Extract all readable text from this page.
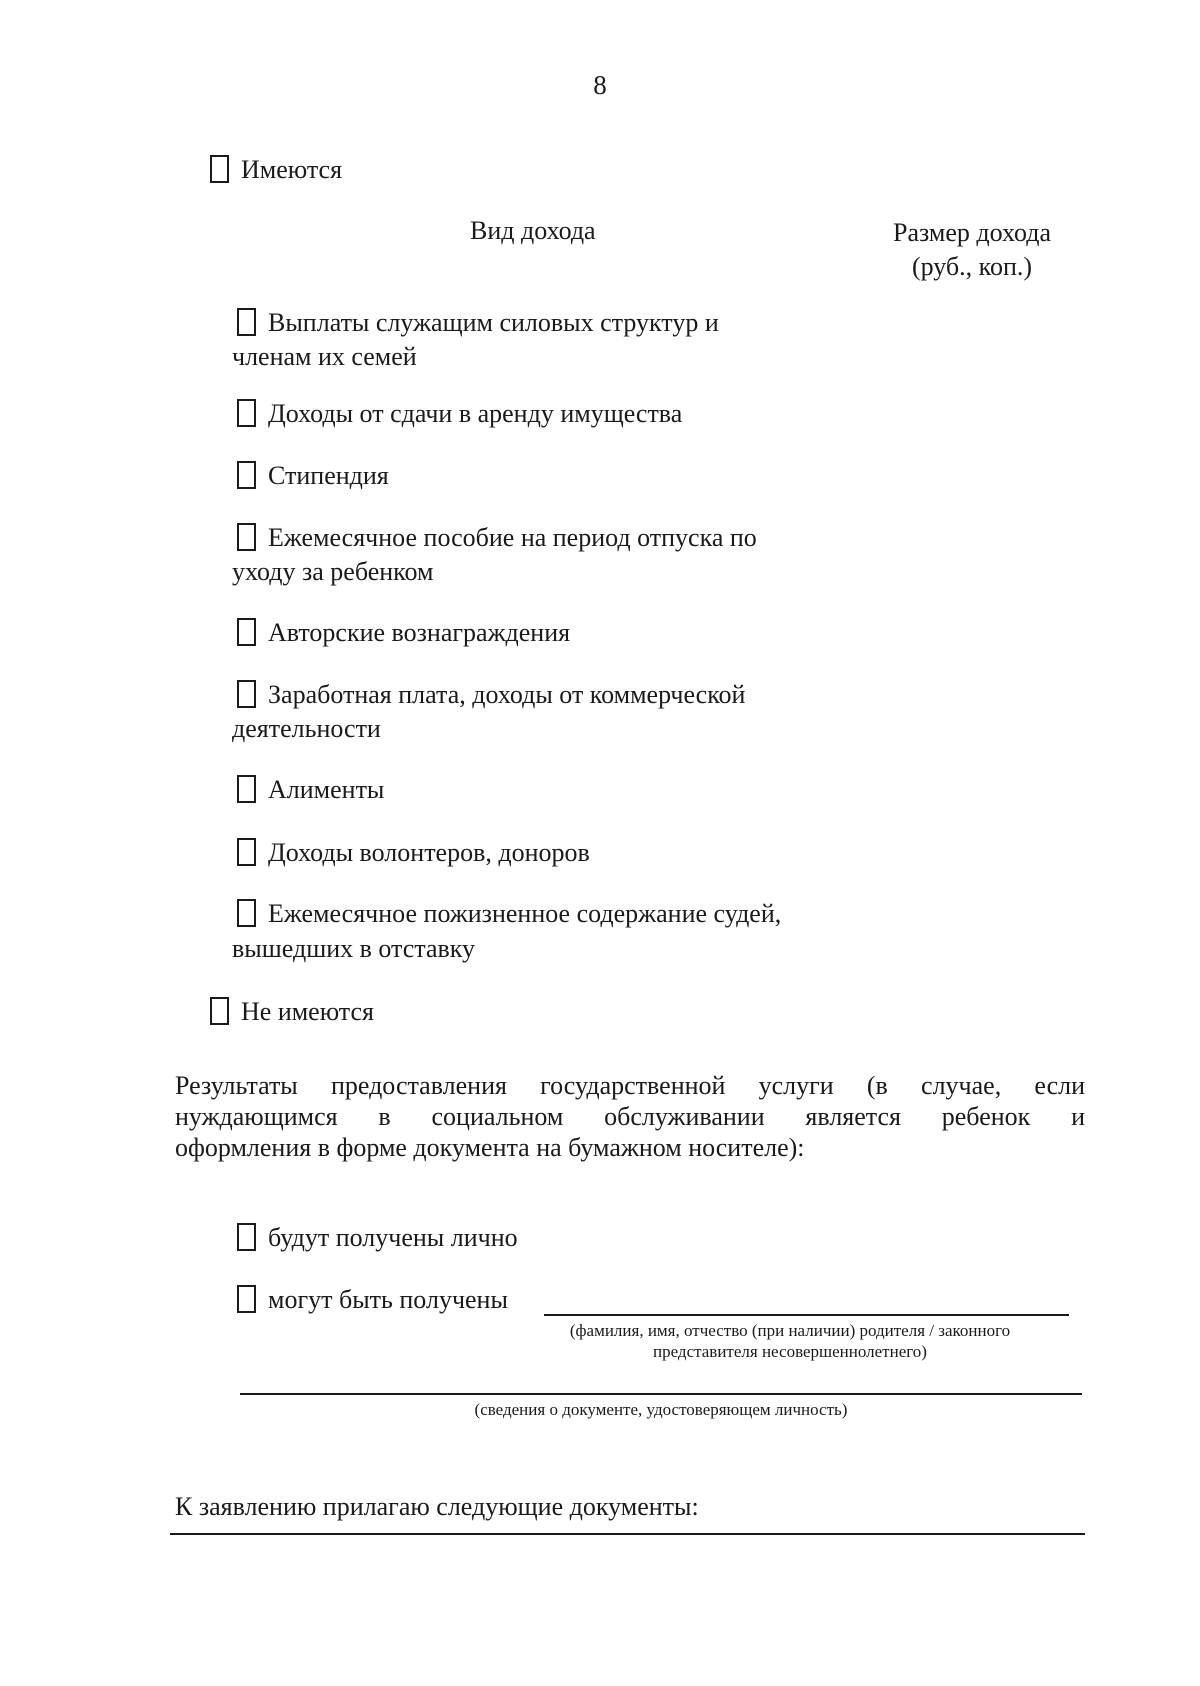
8
Имеются
Вид дохода	Размер дохода
(руб., коп.)
Выплаты служащим силовых структур и
членам их семей
Доходы от сдачи в аренду имущества
Стипендия
Ежемесячное пособие на период отпуска по
уходу за ребенком
Авторские вознаграждения
Заработная плата, доходы от коммерческой
деятельности
Алименты
Доходы волонтеров, доноров
Ежемесячное пожизненное содержание судей,
вышедших в отставку
Не имеются
Результаты предоставления государственной услуги (в случае, если
нуждающимся в социальном обслуживании является ребенок и
оформления в форме документа на бумажном носителе):
будут получены лично
могут быть получены
(фамилия, имя, отчество (при наличии) родителя / законного
представителя несовершеннолетнего)
(сведения о документе, удостоверяющем личность)
К заявлению прилагаю следующие документы:
